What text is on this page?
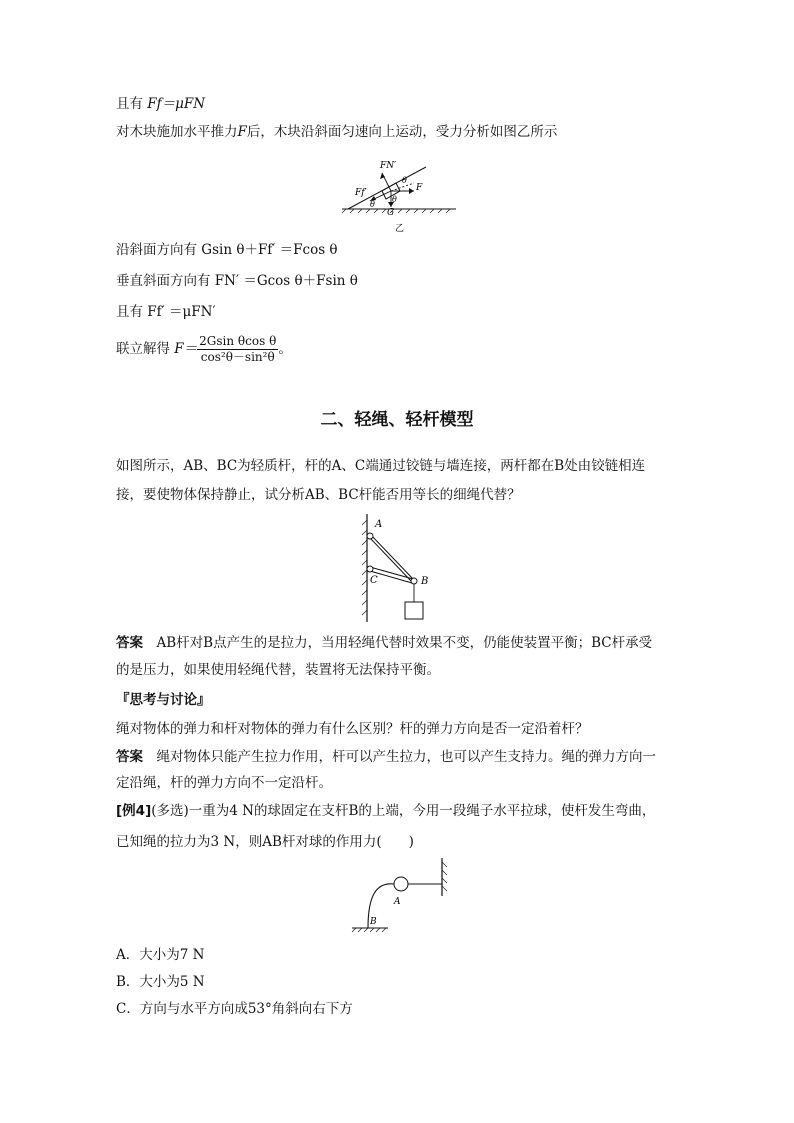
且有 Ff＝μFN
对木块施加水平推力F后，木块沿斜面匀速向上运动，受力分析如图乙所示
FN′
Ff′	F
G
θ
θ
θ
乙
沿斜面方向有 Gsin θ＋Ff′ ＝Fcos θ
垂直斜面方向有 FN′ ＝Gcos θ＋Fsin θ
且有 Ff′ ＝μFN′
联立解得 $F= \frac{\text{2Gsin θcos θ}}{\text{cos²θ－sin²θ}}$ 。
二、轻绳、轻杆模型
如图所示，AB、BC为轻质杆，杆的A、C端通过铰链与墙连接，两杆都在B处由铰链相连
接，要使物体保持静止，试分析AB、BC杆能否用等长的细绳代替？
A
C	B
答案　 AB杆对B点产生的是拉力，当用轻绳代替时效果不变，仍能使装置平衡；BC杆承受
的是压力，如果使用轻绳代替，装置将无法保持平衡。
『思考与讨论』
绳对物体的弹力和杆对物体的弹力有什么区别？杆的弹力方向是否一定沿着杆？
答案　 绳对物体只能产生拉力作用，杆可以产生拉力，也可以产生支持力。绳的弹力方向一
定沿绳，杆的弹力方向不一定沿杆。
[例4](多选)一重为4 N的球固定在支杆B的上端，今用一段绳子水平拉球，使杆发生弯曲，
已知绳的拉力为3 N，则AB杆对球的作用力(　　)
A
B
A．大小为7 N
B．大小为5 N
C．方向与水平方向成53°角斜向右下方
